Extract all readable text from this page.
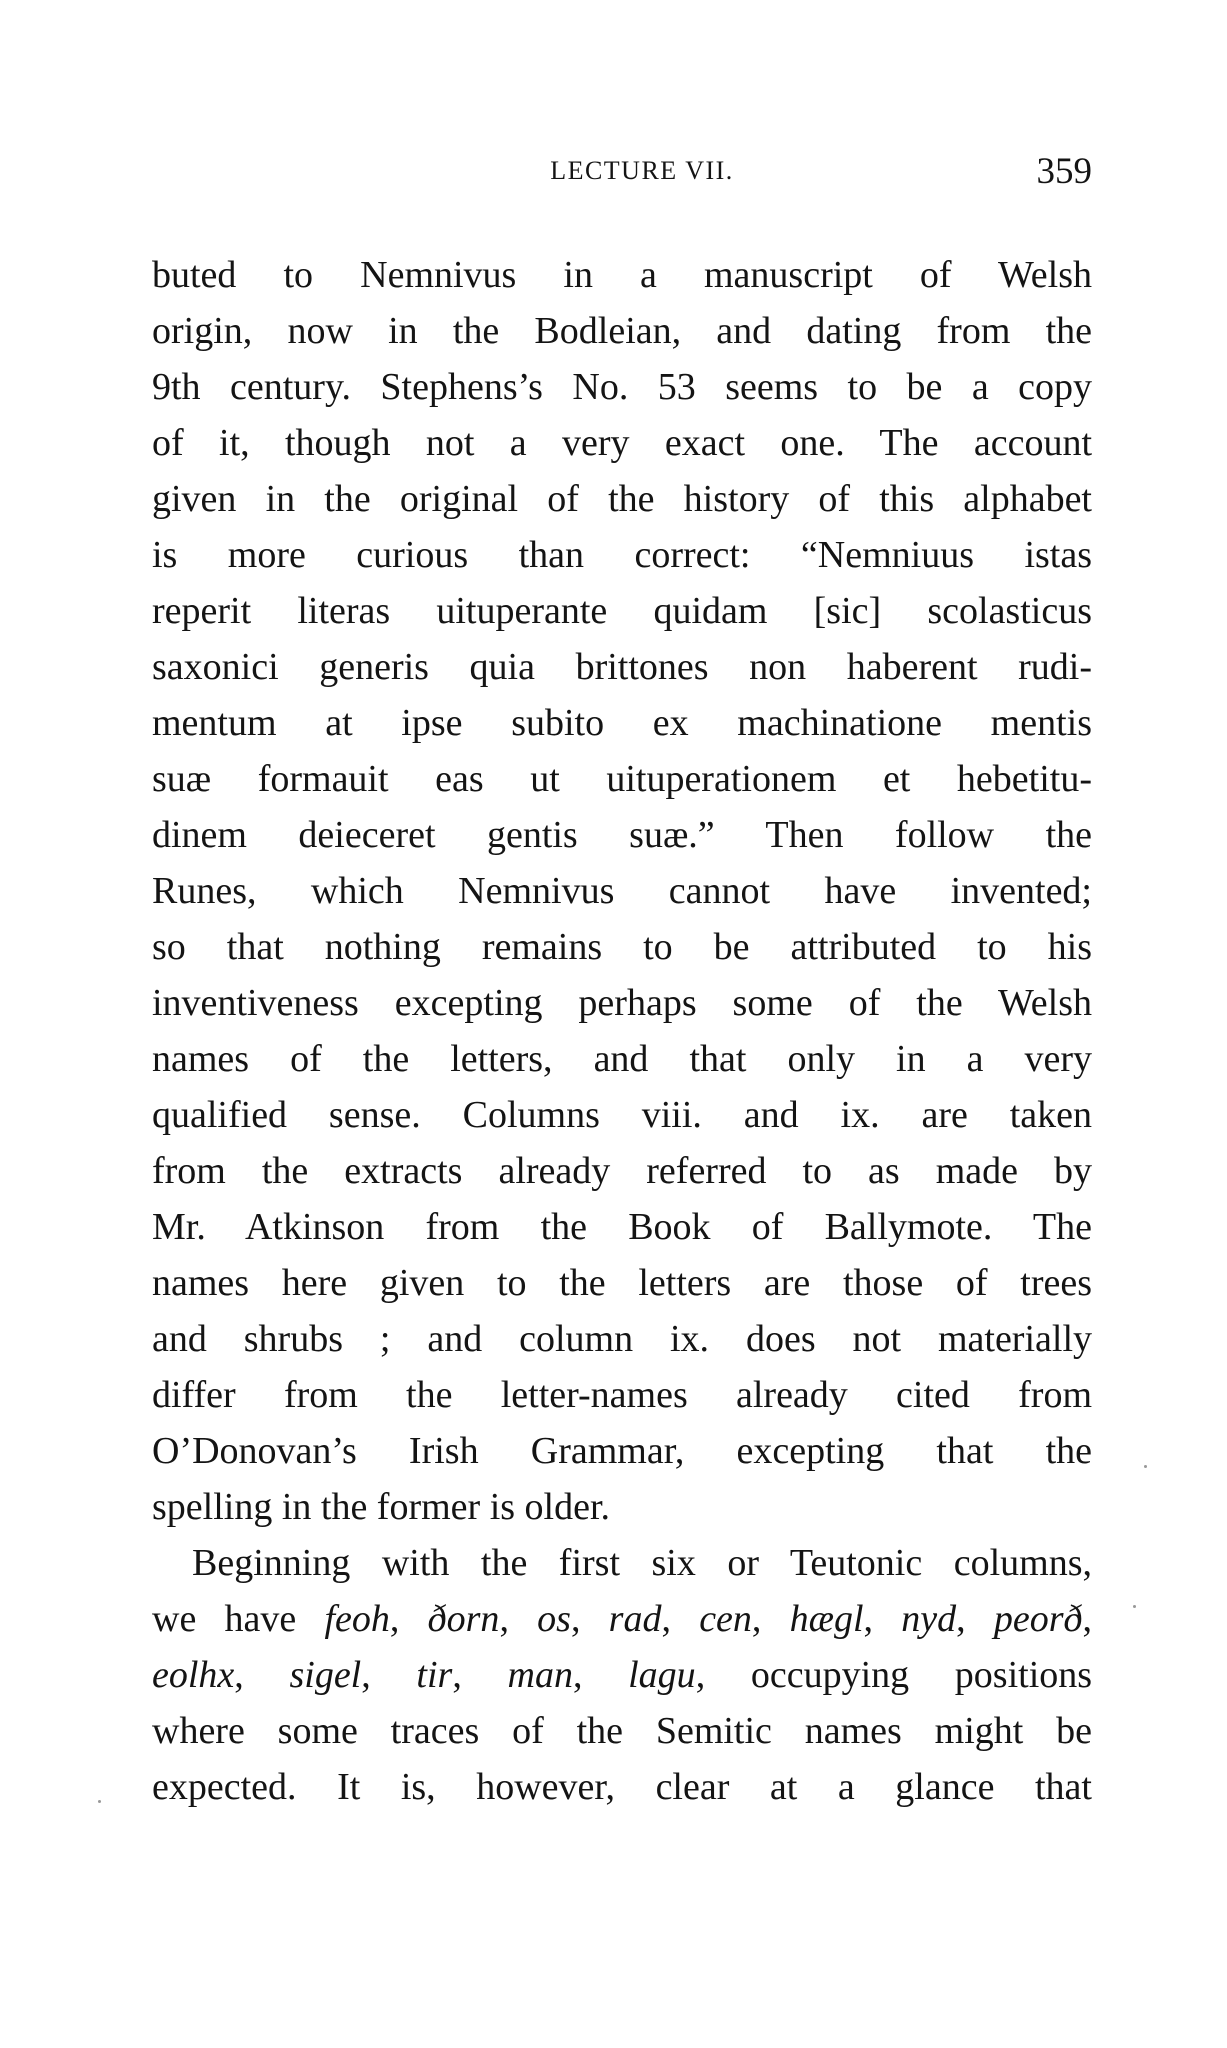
LECTURE VII.	359
buted to Nemnivus in a manuscript of Welsh
origin, now in the Bodleian, and dating from the
9th century. Stephens’s No. 53 seems to be a copy
of it, though not a very exact one. The account
given in the original of the history of this alphabet
is more curious than correct: “Nemniuus istas
reperit literas uituperante quidam [sic] scolasticus
saxonici generis quia brittones non haberent rudi-
mentum at ipse subito ex machinatione mentis
suæ formauit eas ut uituperationem et hebetitu-
dinem deieceret gentis suæ.” Then follow the
Runes, which Nemnivus cannot have invented;
so that nothing remains to be attributed to his
inventiveness excepting perhaps some of the Welsh
names of the letters, and that only in a very
qualified sense. Columns viii. and ix. are taken
from the extracts already referred to as made by
Mr. Atkinson from the Book of Ballymote. The
names here given to the letters are those of trees
and shrubs ; and column ix. does not materially
differ from the letter-names already cited from
O’Donovan’s Irish Grammar, excepting that the
spelling in the former is older.
Beginning with the first six or Teutonic columns,
we have feoh, ðorn, os, rad, cen, hægl, nyd, peorð,
eolhx, sigel, tir, man, lagu, occupying positions
where some traces of the Semitic names might be
expected. It is, however, clear at a glance that
